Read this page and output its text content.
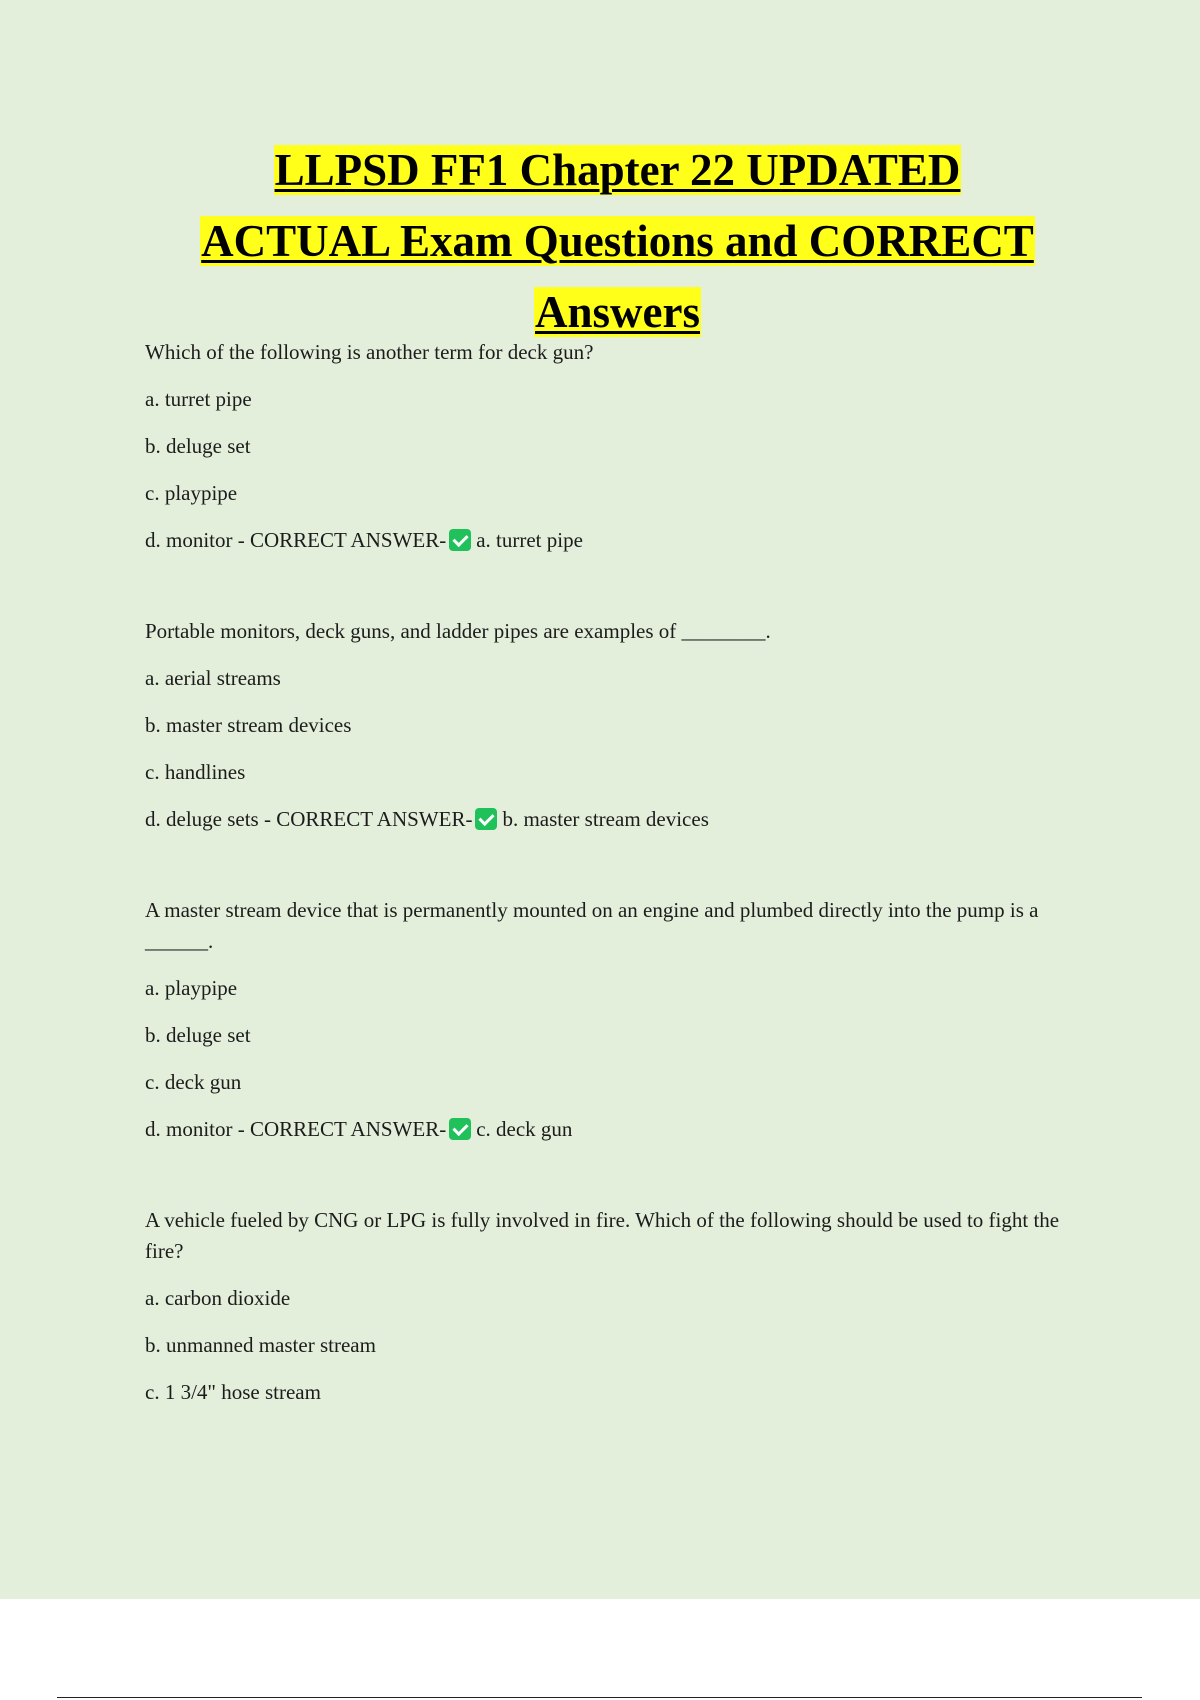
LLPSD FF1 Chapter 22 UPDATED
ACTUAL Exam Questions and CORRECT
Answers
Which of the following is another term for deck gun?
a. turret pipe
b. deluge set
c. playpipe
d. monitor - CORRECT ANSWER- a. turret pipe
Portable monitors, deck guns, and ladder pipes are examples of ________.
a. aerial streams
b. master stream devices
c. handlines
d. deluge sets - CORRECT ANSWER- b. master stream devices
A master stream device that is permanently mounted on an engine and plumbed directly into the pump is a ______.
a. playpipe
b. deluge set
c. deck gun
d. monitor - CORRECT ANSWER- c. deck gun
A vehicle fueled by CNG or LPG is fully involved in fire. Which of the following should be used to fight the fire?
a. carbon dioxide
b. unmanned master stream
c. 1 3/4" hose stream
